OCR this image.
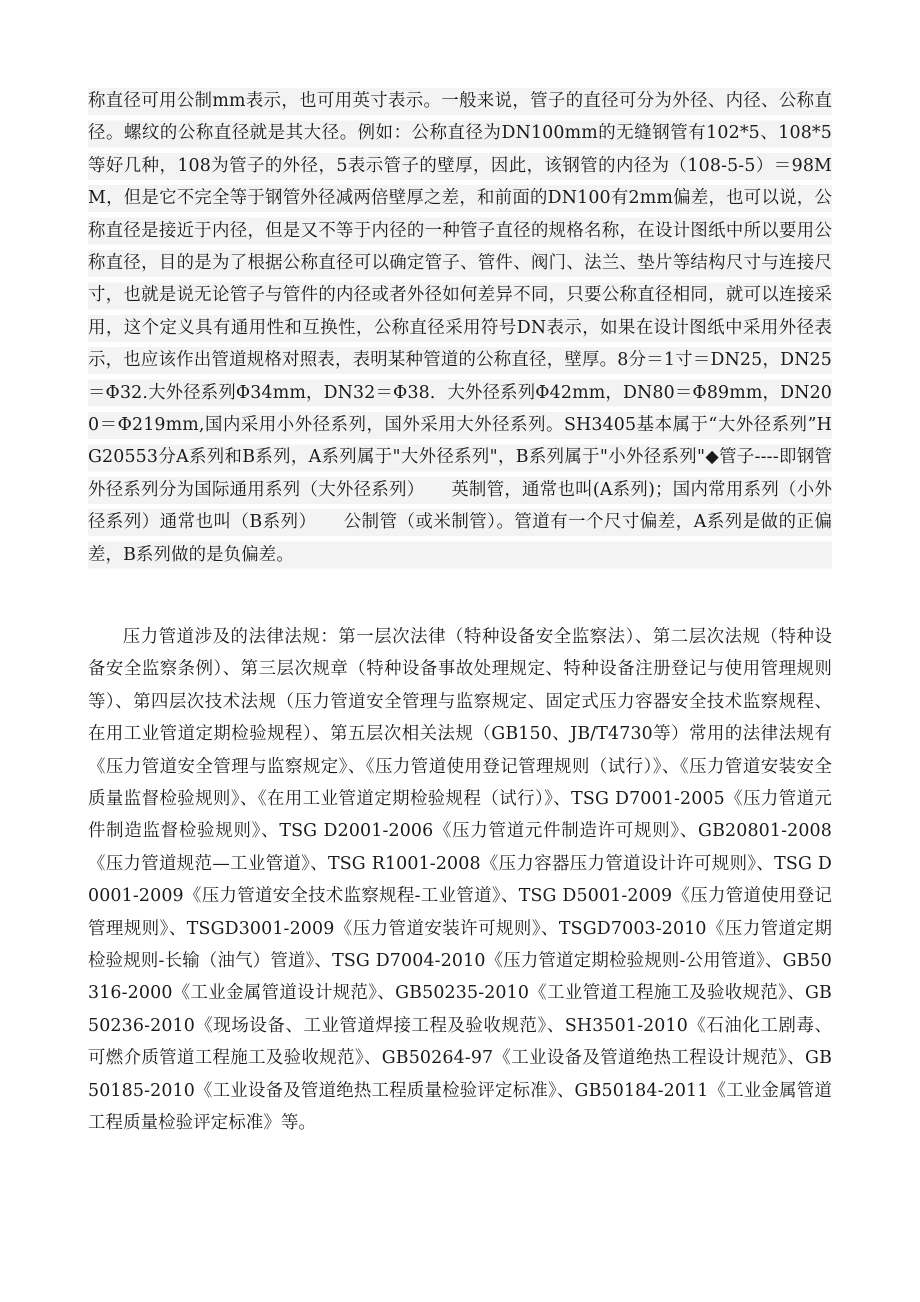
称直径可用公制mm表示，也可用英寸表示。一般来说，管子的直径可分为外径、内径、公称直径。螺纹的公称直径就是其大径。例如：公称直径为DN100mm的无缝钢管有102*5、108*5等好几种，108为管子的外径，5表示管子的壁厚，因此，该钢管的内径为（108-5-5）＝98MM，但是它不完全等于钢管外径减两倍壁厚之差，和前面的DN100有2mm偏差，也可以说，公称直径是接近于内径，但是又不等于内径的一种管子直径的规格名称，在设计图纸中所以要用公称直径，目的是为了根据公称直径可以确定管子、管件、阀门、法兰、垫片等结构尺寸与连接尺寸，也就是说无论管子与管件的内径或者外径如何差异不同，只要公称直径相同，就可以连接采用，这个定义具有通用性和互换性，公称直径采用符号DN表示，如果在设计图纸中采用外径表示，也应该作出管道规格对照表，表明某种管道的公称直径，壁厚。8分＝1寸＝DN25，DN25＝Φ32.大外径系列Φ34mm，DN32＝Φ38．大外径系列Φ42mm，DN80＝Φ89mm，DN200＝Φ219mm,国内采用小外径系列，国外采用大外径系列。SH3405基本属于“大外径系列”HG20553分A系列和B系列，A系列属于"大外径系列"，B系列属于"小外径系列"◆管子----即钢管外径系列分为国际通用系列（大外径系列）　　英制管，通常也叫(A系列)；国内常用系列（小外径系列）通常也叫（B系列）　　公制管（或米制管）。管道有一个尺寸偏差，A系列是做的正偏差，B系列做的是负偏差。

压力管道涉及的法律法规：第一层次法律（特种设备安全监察法）、第二层次法规（特种设备安全监察条例）、第三层次规章（特种设备事故处理规定、特种设备注册登记与使用管理规则等）、第四层次技术法规（压力管道安全管理与监察规定、固定式压力容器安全技术监察规程、在用工业管道定期检验规程）、第五层次相关法规（GB150、JB/T4730等）常用的法律法规有《压力管道安全管理与监察规定》、《压力管道使用登记管理规则（试行）》、《压力管道安装安全质量监督检验规则》、《在用工业管道定期检验规程（试行）》、TSG D7001-2005《压力管道元件制造监督检验规则》、TSG D2001-2006《压力管道元件制造许可规则》、GB20801-2008《压力管道规范—工业管道》、TSG R1001-2008《压力容器压力管道设计许可规则》、TSG D0001-2009《压力管道安全技术监察规程-工业管道》、TSG D5001-2009《压力管道使用登记管理规则》、TSGD3001-2009《压力管道安装许可规则》、TSGD7003-2010《压力管道定期检验规则-长输（油气）管道》、TSG D7004-2010《压力管道定期检验规则-公用管道》、GB50316-2000《工业金属管道设计规范》、GB50235-2010《工业管道工程施工及验收规范》、GB50236-2010《现场设备、工业管道焊接工程及验收规范》、SH3501-2010《石油化工剧毒、可燃介质管道工程施工及验收规范》、GB50264-97《工业设备及管道绝热工程设计规范》、GB50185-2010《工业设备及管道绝热工程质量检验评定标准》、GB50184-2011《工业金属管道工程质量检验评定标准》等。
